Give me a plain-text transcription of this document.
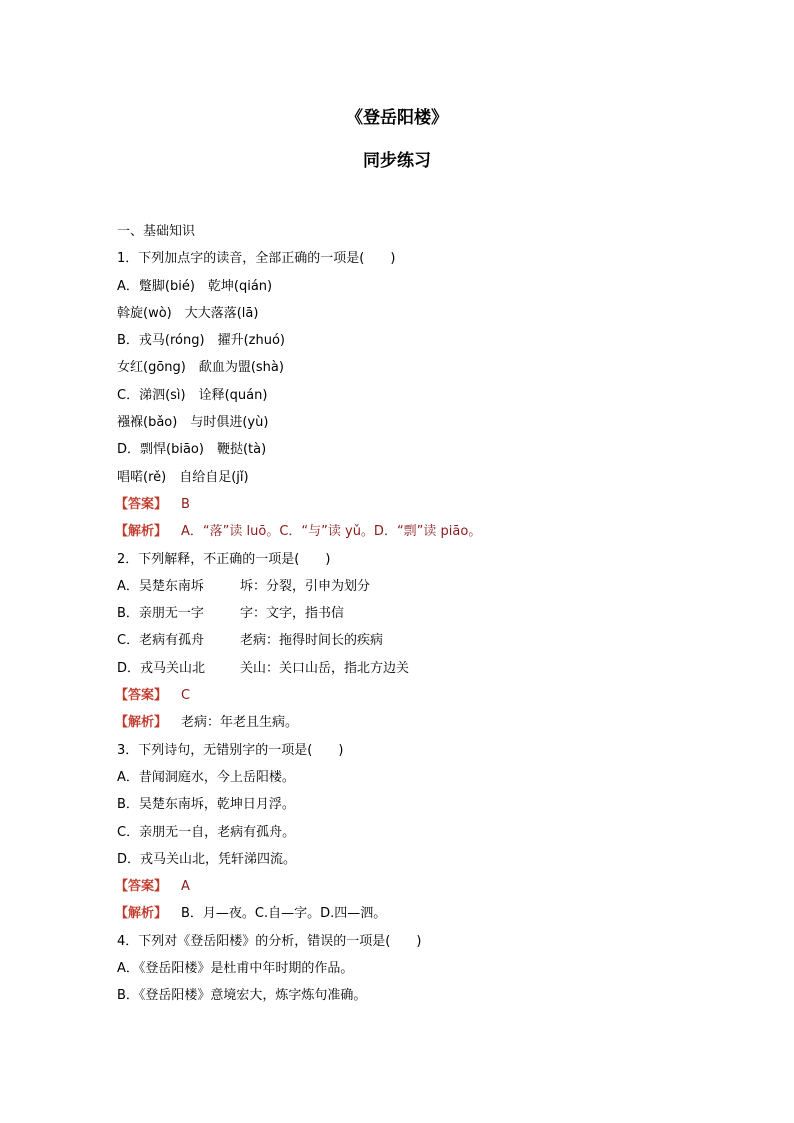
《登岳阳楼》
同步练习
一、基础知识
1．下列加点字的读音，全部正确的一项是(　　)
A．蹩脚(bié)　乾坤(qián)
斡旋(wò)　大大落落(lā)
B．戎马(róng)　擢升(zhuó)
女红(gōng)　歃血为盟(shà)
C．涕泗(sì)　诠释(quán)
襁褓(bǎo)　与时俱进(yù)
D．剽悍(biāo)　鞭挞(tà)
唱喏(rě)　自给自足(jǐ)
【答案】 B
【解析】 A．“落”读 luō。C．“与”读 yǔ。D．“剽”读 piāo。
2．下列解释，不正确的一项是(　　)
A．吴楚东南坼	坼：分裂，引申为划分
B．亲朋无一字	字：文字，指书信
C．老病有孤舟	老病：拖得时间长的疾病
D．戎马关山北	关山：关口山岳，指北方边关
【答案】 C
【解析】 老病：年老且生病。
3．下列诗句，无错别字的一项是(　　)
A．昔闻洞庭水，今上岳阳楼。
B．吴楚东南坼，乾坤日月浮。
C．亲朋无一自，老病有孤舟。
D．戎马关山北，凭轩涕四流。
【答案】 A
【解析】 B．月—夜。C.自—字。D.四—泗。
4．下列对《登岳阳楼》的分析，错误的一项是(　　)
A．《登岳阳楼》是杜甫中年时期的作品。
B．《登岳阳楼》意境宏大，炼字炼句准确。
